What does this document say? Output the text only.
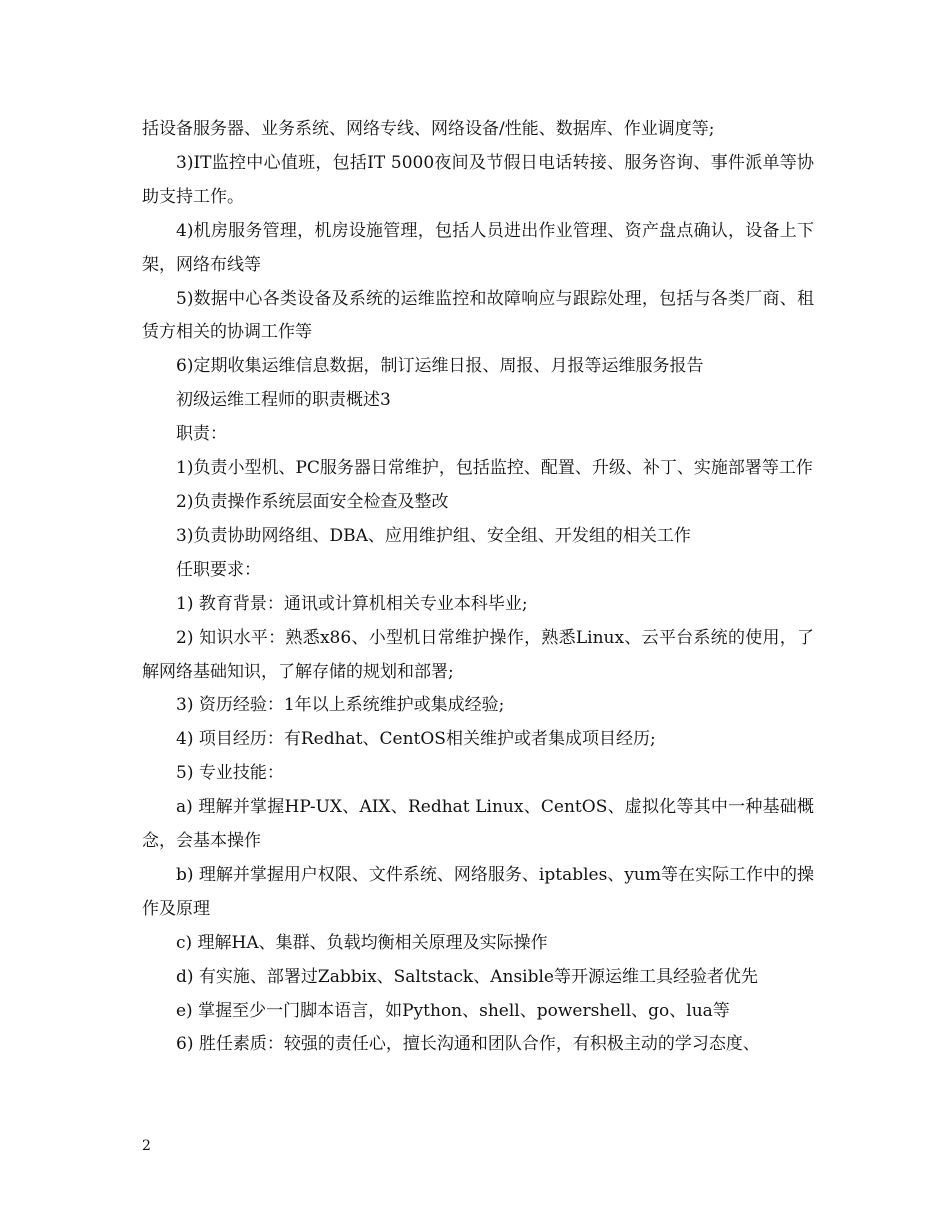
括设备服务器、业务系统、网络专线、网络设备/性能、数据库、作业调度等;

3)IT监控中心值班，包括IT 5000夜间及节假日电话转接、服务咨询、事件派单等协助支持工作。

4)机房服务管理，机房设施管理，包括人员进出作业管理、资产盘点确认，设备上下架，网络布线等

5)数据中心各类设备及系统的运维监控和故障响应与跟踪处理，包括与各类厂商、租赁方相关的协调工作等

6)定期收集运维信息数据，制订运维日报、周报、月报等运维服务报告

初级运维工程师的职责概述3

职责：

1)负责小型机、PC服务器日常维护，包括监控、配置、升级、补丁、实施部署等工作

2)负责操作系统层面安全检查及整改

3)负责协助网络组、DBA、应用维护组、安全组、开发组的相关工作

任职要求：

1) 教育背景：通讯或计算机相关专业本科毕业;

2) 知识水平：熟悉x86、小型机日常维护操作，熟悉Linux、云平台系统的使用，了解网络基础知识，了解存储的规划和部署;

3) 资历经验：1年以上系统维护或集成经验;

4) 项目经历：有Redhat、CentOS相关维护或者集成项目经历;

5) 专业技能：

a) 理解并掌握HP-UX、AIX、Redhat Linux、CentOS、虚拟化等其中一种基础概念，会基本操作

b) 理解并掌握用户权限、文件系统、网络服务、iptables、yum等在实际工作中的操作及原理

c) 理解HA、集群、负载均衡相关原理及实际操作

d) 有实施、部署过Zabbix、Saltstack、Ansible等开源运维工具经验者优先

e) 掌握至少一门脚本语言，如Python、shell、powershell、go、lua等

6) 胜任素质：较强的责任心，擅长沟通和团队合作，有积极主动的学习态度、

2
